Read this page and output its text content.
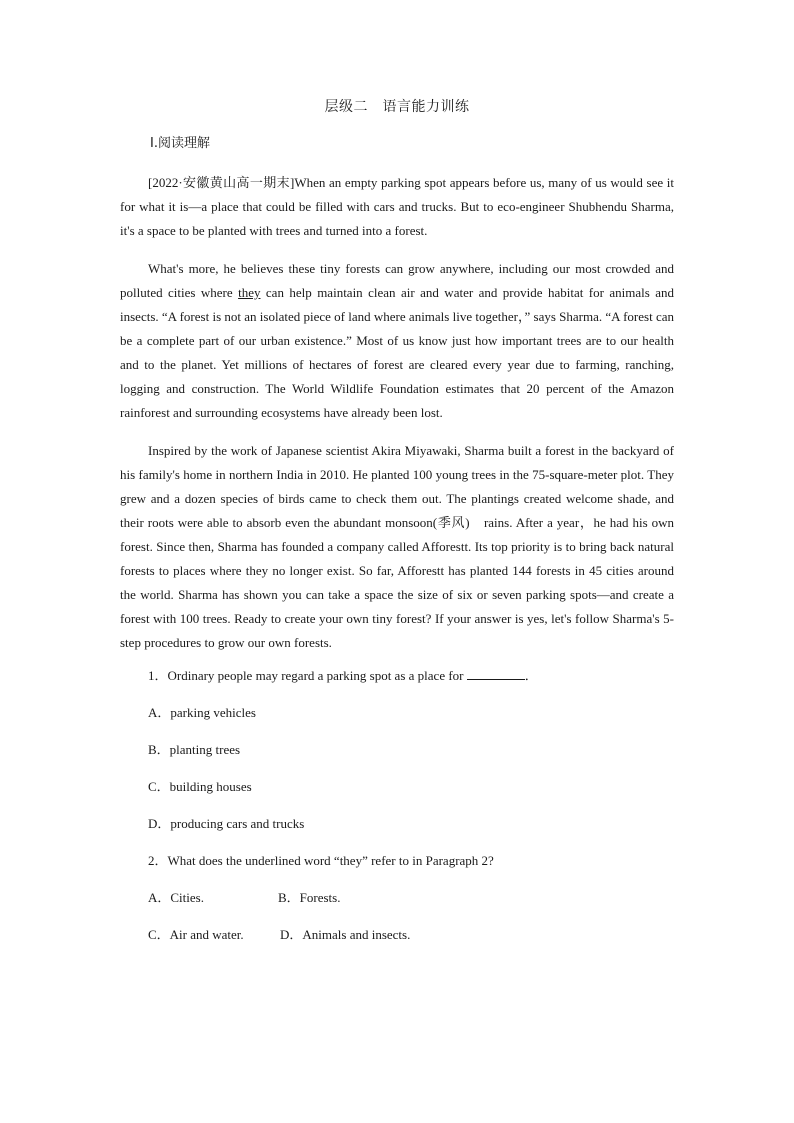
层级二　语言能力训练
Ⅰ.阅读理解

[2022·安徽黄山高一期末]When an empty parking spot appears before us, many of us would see it for what it is—a place that could be filled with cars and trucks. But to eco-engineer Shubhendu Sharma, it's a space to be planted with trees and turned into a forest.

What's more, he believes these tiny forests can grow anywhere, including our most crowded and polluted cities where they can help maintain clean air and water and provide habitat for animals and insects. “A forest is not an isolated piece of land where animals live together，” says Sharma. “A forest can be a complete part of our urban existence.” Most of us know just how important trees are to our health and to the planet. Yet millions of hectares of forest are cleared every year due to farming, ranching, logging and construction. The World Wildlife Foundation estimates that 20 percent of the Amazon rainforest and surrounding ecosystems have already been lost.

Inspired by the work of Japanese scientist Akira Miyawaki, Sharma built a forest in the backyard of his family's home in northern India in 2010. He planted 100 young trees in the 75-square-meter plot. They grew and a dozen species of birds came to check them out. The plantings created welcome shade, and their roots were able to absorb even the abundant monsoon(季风)　rains. After a year，he had his own forest. Since then, Sharma has founded a company called Afforestt. Its top priority is to bring back natural forests to places where they no longer exist. So far, Afforestt has planted 144 forests in 45 cities around the world. Sharma has shown you can take a space the size of six or seven parking spots—and create a forest with 100 trees. Ready to create your own tiny forest? If your answer is yes, let's follow Sharma's 5-step procedures to grow our own forests.

1．Ordinary people may regard a parking spot as a place for	．
A．parking vehicles
B．planting trees
C．building houses
D．producing cars and trucks
2．What does the underlined word “they” refer to in Paragraph 2?
A．Cities.	B．Forests.
C．Air and water.	D．Animals and insects.
